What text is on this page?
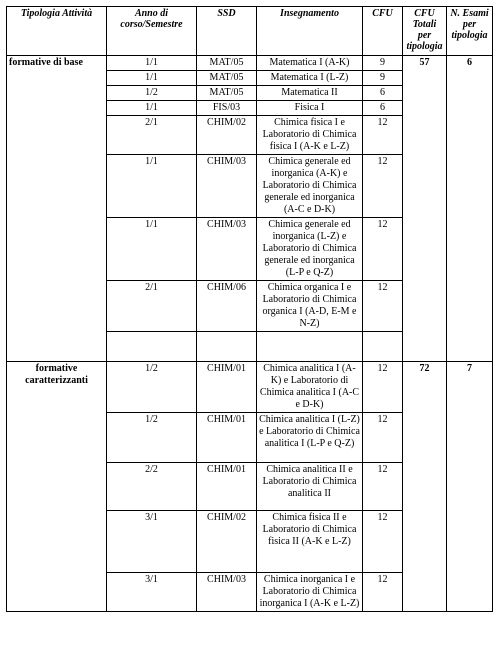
Tipologia Attività	Anno di corso/Semestre	SSD	Insegnamento	CFU	CFU Totali per tipologia	N. Esami per tipologia
formative di base	1/1	MAT/05	Matematica I (A-K)	9	57	6
	1/1	MAT/05	Matematica I (L-Z)	9		
	1/2	MAT/05	Matematica II	6		
	1/1	FIS/03	Fisica I	6		
	2/1	CHIM/02	Chimica fisica I e Laboratorio di Chimica fisica I (A-K e L-Z)	12		
	1/1	CHIM/03	Chimica generale ed inorganica (A-K) e Laboratorio di Chimica generale ed inorganica (A-C e D-K)	12		
	1/1	CHIM/03	Chimica generale ed inorganica (L-Z) e Laboratorio di Chimica generale ed inorganica (L-P e Q-Z)	12		
	2/1	CHIM/06	Chimica organica I e Laboratorio di Chimica organica I (A-D, E-M e N-Z)	12		

formative caratterizzanti	1/2	CHIM/01	Chimica analitica I (A-K) e Laboratorio di Chimica analitica I (A-C e D-K)	12	72	7
	1/2	CHIM/01	Chimica analitica I (L-Z) e Laboratorio di Chimica analitica I (L-P e Q-Z)	12		
	2/2	CHIM/01	Chimica analitica II e Laboratorio di Chimica analitica II	12		
	3/1	CHIM/02	Chimica fisica II e Laboratorio di Chimica fisica II (A-K e L-Z)	12		
	3/1	CHIM/03	Chimica inorganica I e Laboratorio di Chimica inorganica I (A-K e L-Z)	12		
